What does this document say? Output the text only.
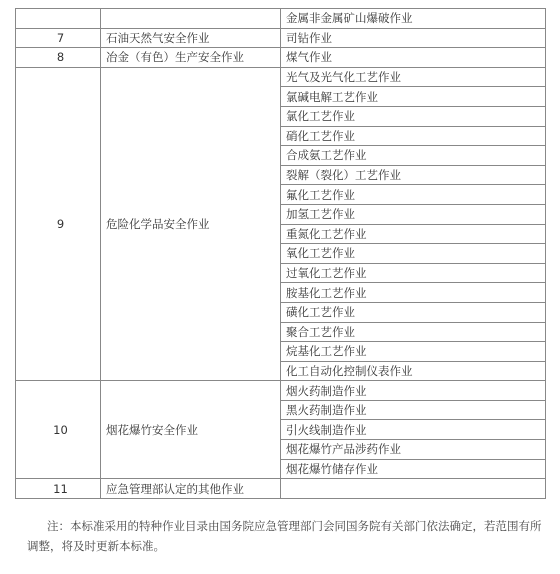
		金属非金属矿山爆破作业
7	石油天然气安全作业	司钻作业
8	冶金（有色）生产安全作业	煤气作业
9	危险化学品安全作业	光气及光气化工艺作业
		氯碱电解工艺作业
		氯化工艺作业
		硝化工艺作业
		合成氨工艺作业
		裂解（裂化）工艺作业
		氟化工艺作业
		加氢工艺作业
		重氮化工艺作业
		氧化工艺作业
		过氧化工艺作业
		胺基化工艺作业
		磺化工艺作业
		聚合工艺作业
		烷基化工艺作业
		化工自动化控制仪表作业
10	烟花爆竹安全作业	烟火药制造作业
		黑火药制造作业
		引火线制造作业
		烟花爆竹产品涉药作业
		烟花爆竹储存作业
11	应急管理部认定的其他作业	
注：本标准采用的特种作业目录由国务院应急管理部门会同国务院有关部门依法确定，若范围有所调整，将及时更新本标准。
